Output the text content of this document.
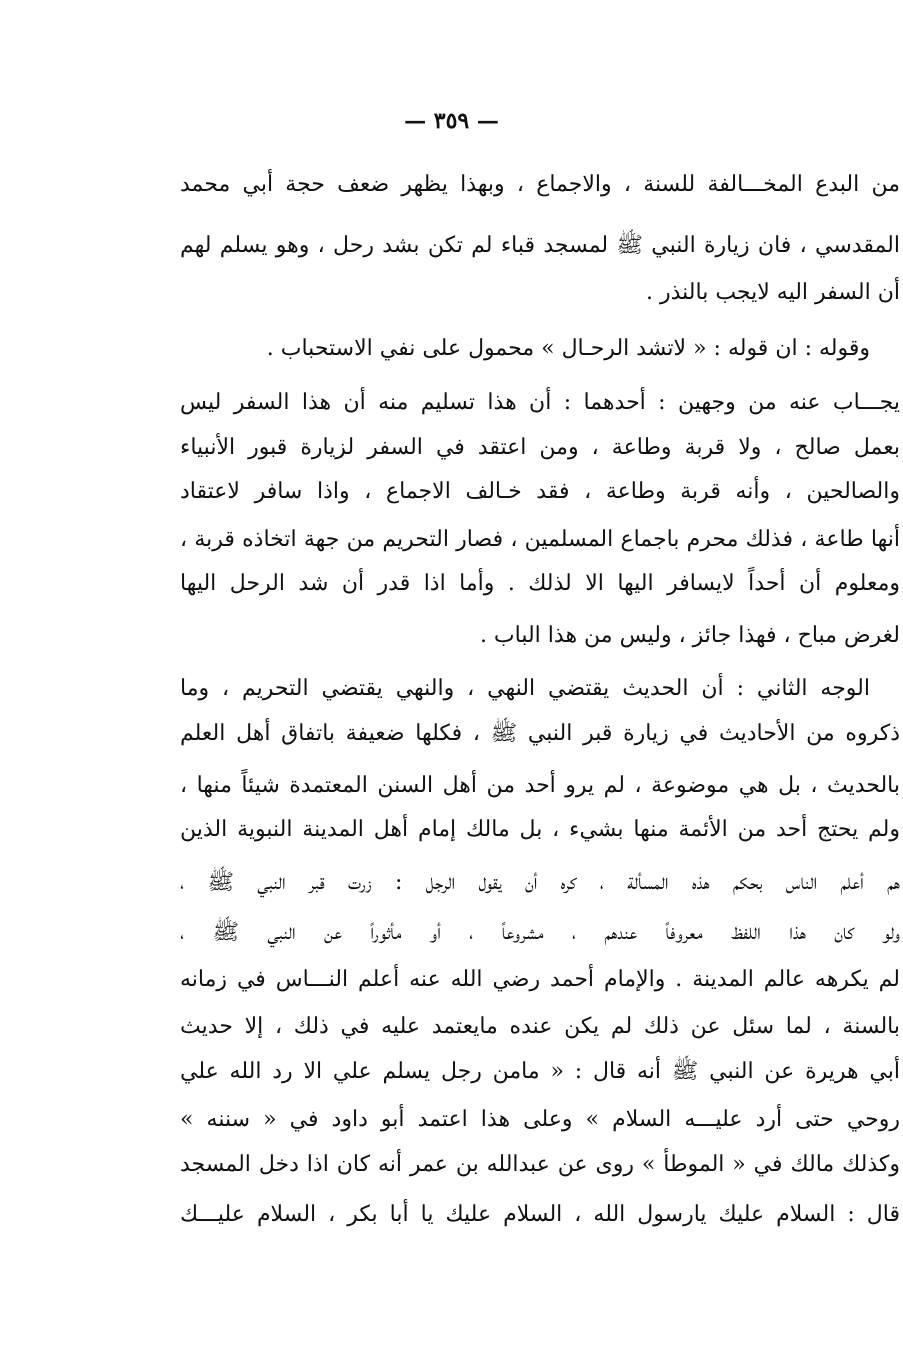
— ٣٥٩ —
من البدع المخـــالفة للسنة ، والاجماع ، وبهذا يظهر ضعف حجة أبي محمد
المقدسي ، فان زيارة النبي ﷺ لمسجد قباء لم تكن بشد رحل ، وهو يسلم لهم
أن السفر اليه لايجب بالنذر .
وقوله : ان قوله : « لاتشد الرحـال » محمول على نفي الاستحباب .
يجـــاب عنه من وجهين : أحدهما : أن هذا تسليم منه أن هذا السفر ليس
بعمل صالح ، ولا قربة وطاعة ، ومن اعتقد في السفر لزيارة قبور الأنبياء
والصالحين ، وأنه قربة وطاعة ، فقد خـالف الاجماع ، واذا سافر لاعتقاد
أنها طاعة ، فذلك محرم باجماع المسلمين ، فصار التحريم من جهة اتخاذه قربة ،
ومعلوم أن أحداً لايسافر اليها الا لذلك . وأما اذا قدر أن شد الرحل اليها
لغرض مباح ، فهذا جائز ، وليس من هذا الباب .
الوجه الثاني : أن الحديث يقتضي النهي ، والنهي يقتضي التحريم ، وما
ذكروه من الأحاديث في زيارة قبر النبي ﷺ ، فكلها ضعيفة باتفاق أهل العلم
بالحديث ، بل هي موضوعة ، لم يرو أحد من أهل السنن المعتمدة شيئاً منها ،
ولم يحتج أحد من الأئمة منها بشيء ، بل مالك إمام أهل المدينة النبوية الذين
هم أعلم الناس بحكم هذه المسألة ، كره أن يقول الرجل : زرت قبر النبي ﷺ ،
ولو كان هذا اللفظ معروفاً عندهم ، مشروعاً ، أو مأثوراً عن النبي ﷺ ،
لم يكرهه عالم المدينة . والإمام أحمد رضي الله عنه أعلم النـــاس في زمانه
بالسنة ، لما سئل عن ذلك لم يكن عنده مايعتمد عليه في ذلك ، إلا حديث
أبي هريرة عن النبي ﷺ أنه قال : « مامن رجل يسلم علي الا رد الله علي
روحي حتى أرد عليـــه السلام » وعلى هذا اعتمد أبو داود في « سننه »
وكذلك مالك في « الموطأ » روى عن عبدالله بن عمر أنه كان اذا دخل المسجد
قال : السلام عليك يارسول الله ، السلام عليك يا أبا بكر ، السلام عليـــك
